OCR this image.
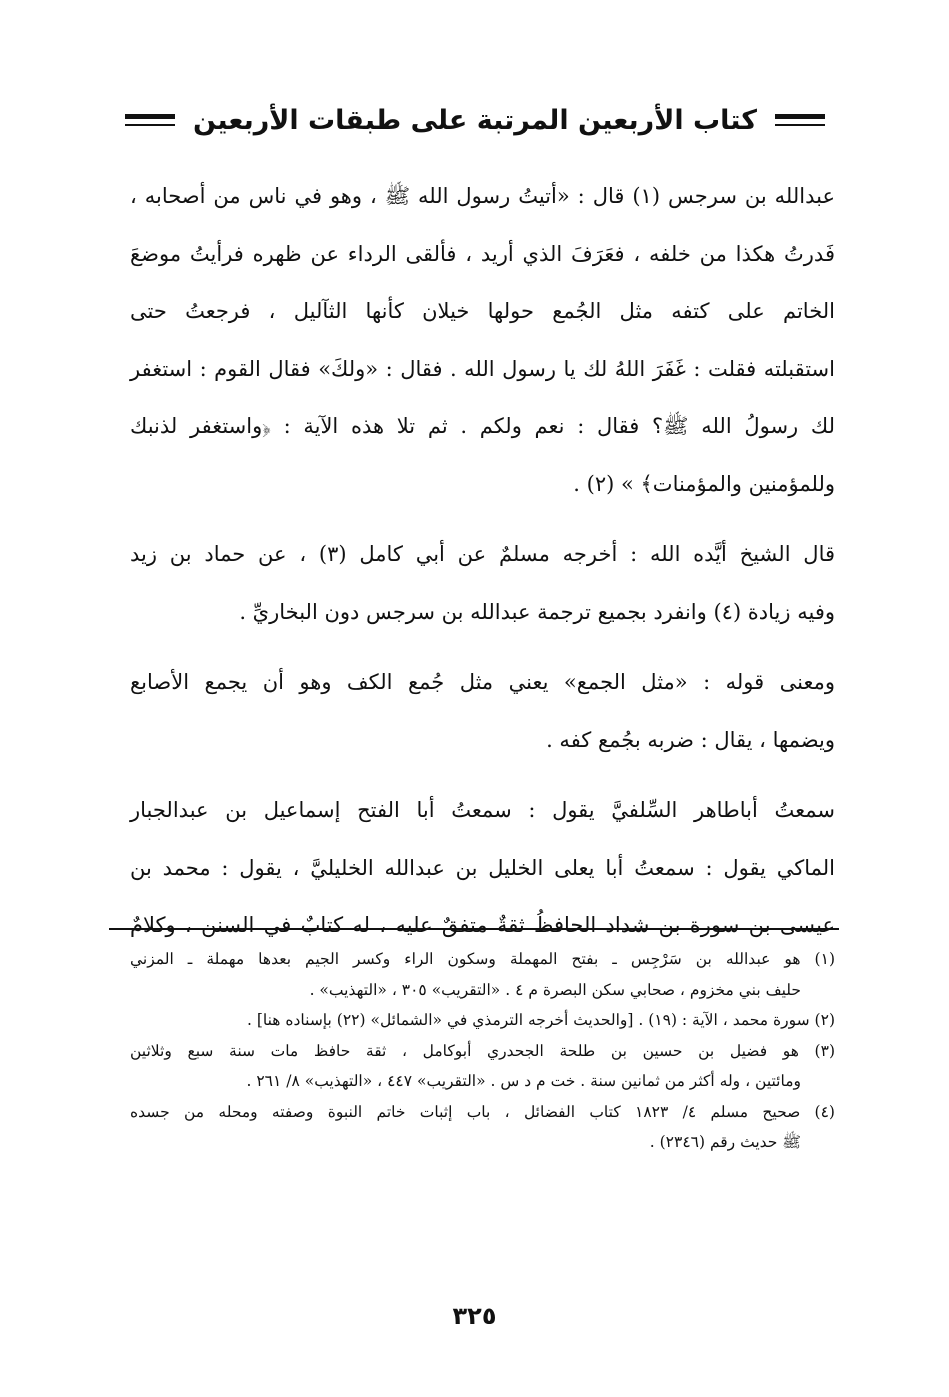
كتاب الأربعين المرتبة على طبقات الأربعين
عبدالله بن سرجس (١) قال : «أتيتُ رسول الله ﷺ ، وهو في ناس من أصحابه ،
فَدرتُ هكذا من خلفه ، فعَرَفَ الذي أريد ، فألقى الرداء عن ظهره فرأيتُ موضعَ
الخاتم على كتفه مثل الجُمع حولها خيلان كأنها الثآليل ، فرجعتُ حتى
استقبلته فقلت : غَفَرَ اللهُ لك يا رسول الله . فقال : «ولكَ» فقال القوم : استغفر
لك رسولُ الله ﷺ؟ فقال : نعم ولكم . ثم تلا هذه الآية : ﴿واستغفر لذنبك
وللمؤمنين والمؤمنات﴾ » (٢) .
قال الشيخ أيَّده الله : أخرجه مسلمٌ عن أبي كامل (٣) ، عن حماد بن زيد
وفيه زيادة (٤) وانفرد بجميع ترجمة عبدالله بن سرجس دون البخاريِّ .
ومعنى قوله : «مثل الجمع» يعني مثل جُمع الكف وهو أن يجمع الأصابع
ويضمها ، يقال : ضربه بجُمع كفه .
سمعتُ أباطاهر السِّلفيَّ يقول : سمعتُ أبا الفتح إسماعيل بن عبدالجبار
الماكي يقول : سمعتُ أبا يعلى الخليل بن عبدالله الخليليَّ ، يقول : محمد بن
عيسى بن سورة بن شداد الحافظُ ثقةٌ متفقٌ عليه ، له كتابٌ في السنن ، وكلامٌ
(١) هو عبدالله بن سَرْجِس ـ بفتح المهملة وسكون الراء وكسر الجيم بعدها مهملة ـ المزني
حليف بني مخزوم ، صحابي سكن البصرة م ٤ . «التقريب» ٣٠٥ ، «التهذيب» .
(٢) سورة محمد ، الآية : (١٩) . [والحديث أخرجه الترمذي في «الشمائل» (٢٢) بإسناده هنا] .
(٣) هو فضيل بن حسين بن طلحة الجحدري أبوكامل ، ثقة حافظ مات سنة سبع وثلاثين
ومائتين ، وله أكثر من ثمانين سنة . خت م د س . «التقريب» ٤٤٧ ، «التهذيب» ٨/ ٢٦١ .
(٤) صحيح مسلم ٤/ ١٨٢٣ كتاب الفضائل ، باب إثبات خاتم النبوة وصفته ومحله من جسده
ﷺ حديث رقم (٢٣٤٦) .
٣٢٥
